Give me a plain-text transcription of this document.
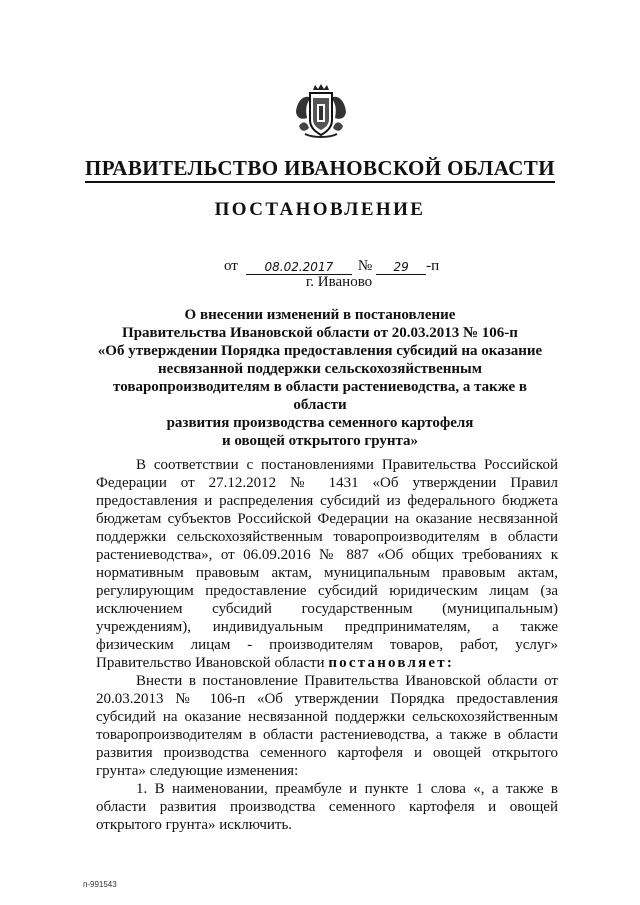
ПРАВИТЕЛЬСТВО ИВАНОВСКОЙ ОБЛАСТИ
ПОСТАНОВЛЕНИЕ
от	08.02.2017	№	29	-п
г. Иваново
О внесении изменений в постановление
Правительства Ивановской области от 20.03.2013 № 106-п
«Об утверждении Порядка предоставления субсидий на оказание
несвязанной поддержки сельскохозяйственным
товаропроизводителям в области растениеводства, а также в области
развития производства семенного картофеля
и овощей открытого грунта»

В соответствии с постановлениями Правительства Российской Федерации от 27.12.2012 № 1431 «Об утверждении Правил предоставления и распределения субсидий из федерального бюджета бюджетам субъектов Российской Федерации на оказание несвязанной поддержки сельскохозяйственным товаропроизводителям в области растениеводства», от 06.09.2016 № 887 «Об общих требованиях к нормативным правовым актам, муниципальным правовым актам, регулирующим предоставление субсидий юридическим лицам (за исключением субсидий государственным (муниципальным) учреждениям), индивидуальным предпринимателям, а также физическим лицам - производителям товаров, работ, услуг» Правительство Ивановской области постановляет:

Внести в постановление Правительства Ивановской области от 20.03.2013 № 106-п «Об утверждении Порядка предоставления субсидий на оказание несвязанной поддержки сельскохозяйственным товаропроизводителям в области растениеводства, а также в области развития производства семенного картофеля и овощей открытого грунта» следующие изменения:

1. В наименовании, преамбуле и пункте 1 слова «, а также в области развития производства семенного картофеля и овощей открытого грунта» исключить.

п-991543
